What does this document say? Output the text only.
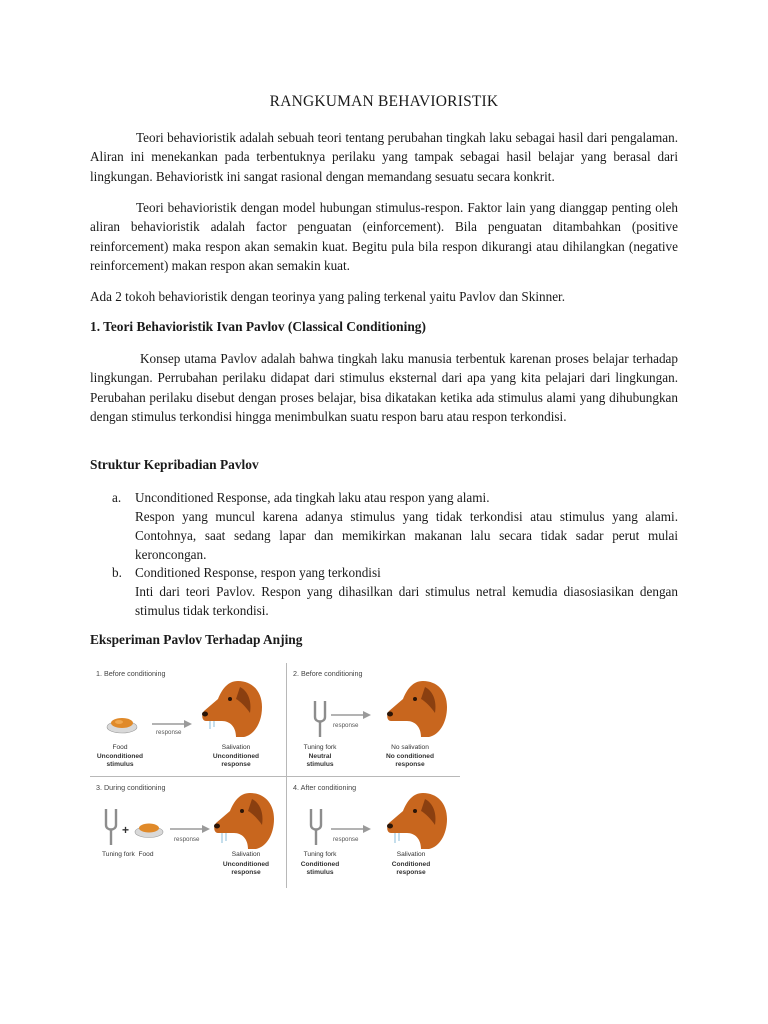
RANGKUMAN BEHAVIORISTIK

Teori behavioristik adalah sebuah teori tentang perubahan tingkah laku sebagai hasil dari pengalaman. Aliran ini menekankan pada terbentuknya perilaku yang tampak sebagai hasil belajar yang berasal dari lingkungan. Behavioristk ini sangat rasional dengan memandang sesuatu secara konkrit.

Teori behavioristik dengan model hubungan stimulus-respon. Faktor lain yang dianggap penting oleh aliran behavioristik adalah factor penguatan (einforcement). Bila penguatan ditambahkan (positive reinforcement) maka respon akan semakin kuat. Begitu pula bila respon dikurangi atau dihilangkan (negative reinforcement) makan respon akan semakin kuat.

Ada 2 tokoh behavioristik dengan teorinya yang paling terkenal yaitu Pavlov dan Skinner.

1. Teori Behavioristik Ivan Pavlov (Classical Conditioning)

Konsep utama Pavlov adalah bahwa tingkah laku manusia terbentuk karenan proses belajar terhadap lingkungan. Perrubahan perilaku didapat dari stimulus eksternal dari apa yang kita pelajari dari lingkungan. Perubahan perilaku disebut dengan proses belajar, bisa dikatakan ketika ada stimulus alami yang dihubungkan dengan stimulus terkondisi hingga menimbulkan suatu respon baru atau respon terkondisi.

Struktur Kepribadian Pavlov
a. Unconditioned Response, ada tingkah laku atau respon yang alami.
Respon yang muncul karena adanya stimulus yang tidak terkondisi atau stimulus yang alami. Contohnya, saat sedang lapar dan memikirkan makanan lalu secara tidak sadar perut mulai keroncongan.
b. Conditioned Response, respon yang terkondisi
Inti dari teori Pavlov. Respon yang dihasilkan dari stimulus netral kemudia diasosiasikan dengan stimulus tidak terkondisi.
Eksperiman Pavlov Terhadap Anjing
1. Before conditioning
response
Food
Unconditioned
stimulus
Salivation
Unconditioned
response
2. Before conditioning
response
Tuning fork
Neutral
stimulus
No salivation
No conditioned
response
3. During conditioning
+
response
Tuning fork Food	Salivation
Unconditioned
response
4. After conditioning
response
Tuning fork
Conditioned
stimulus
Salivation
Conditioned
response
